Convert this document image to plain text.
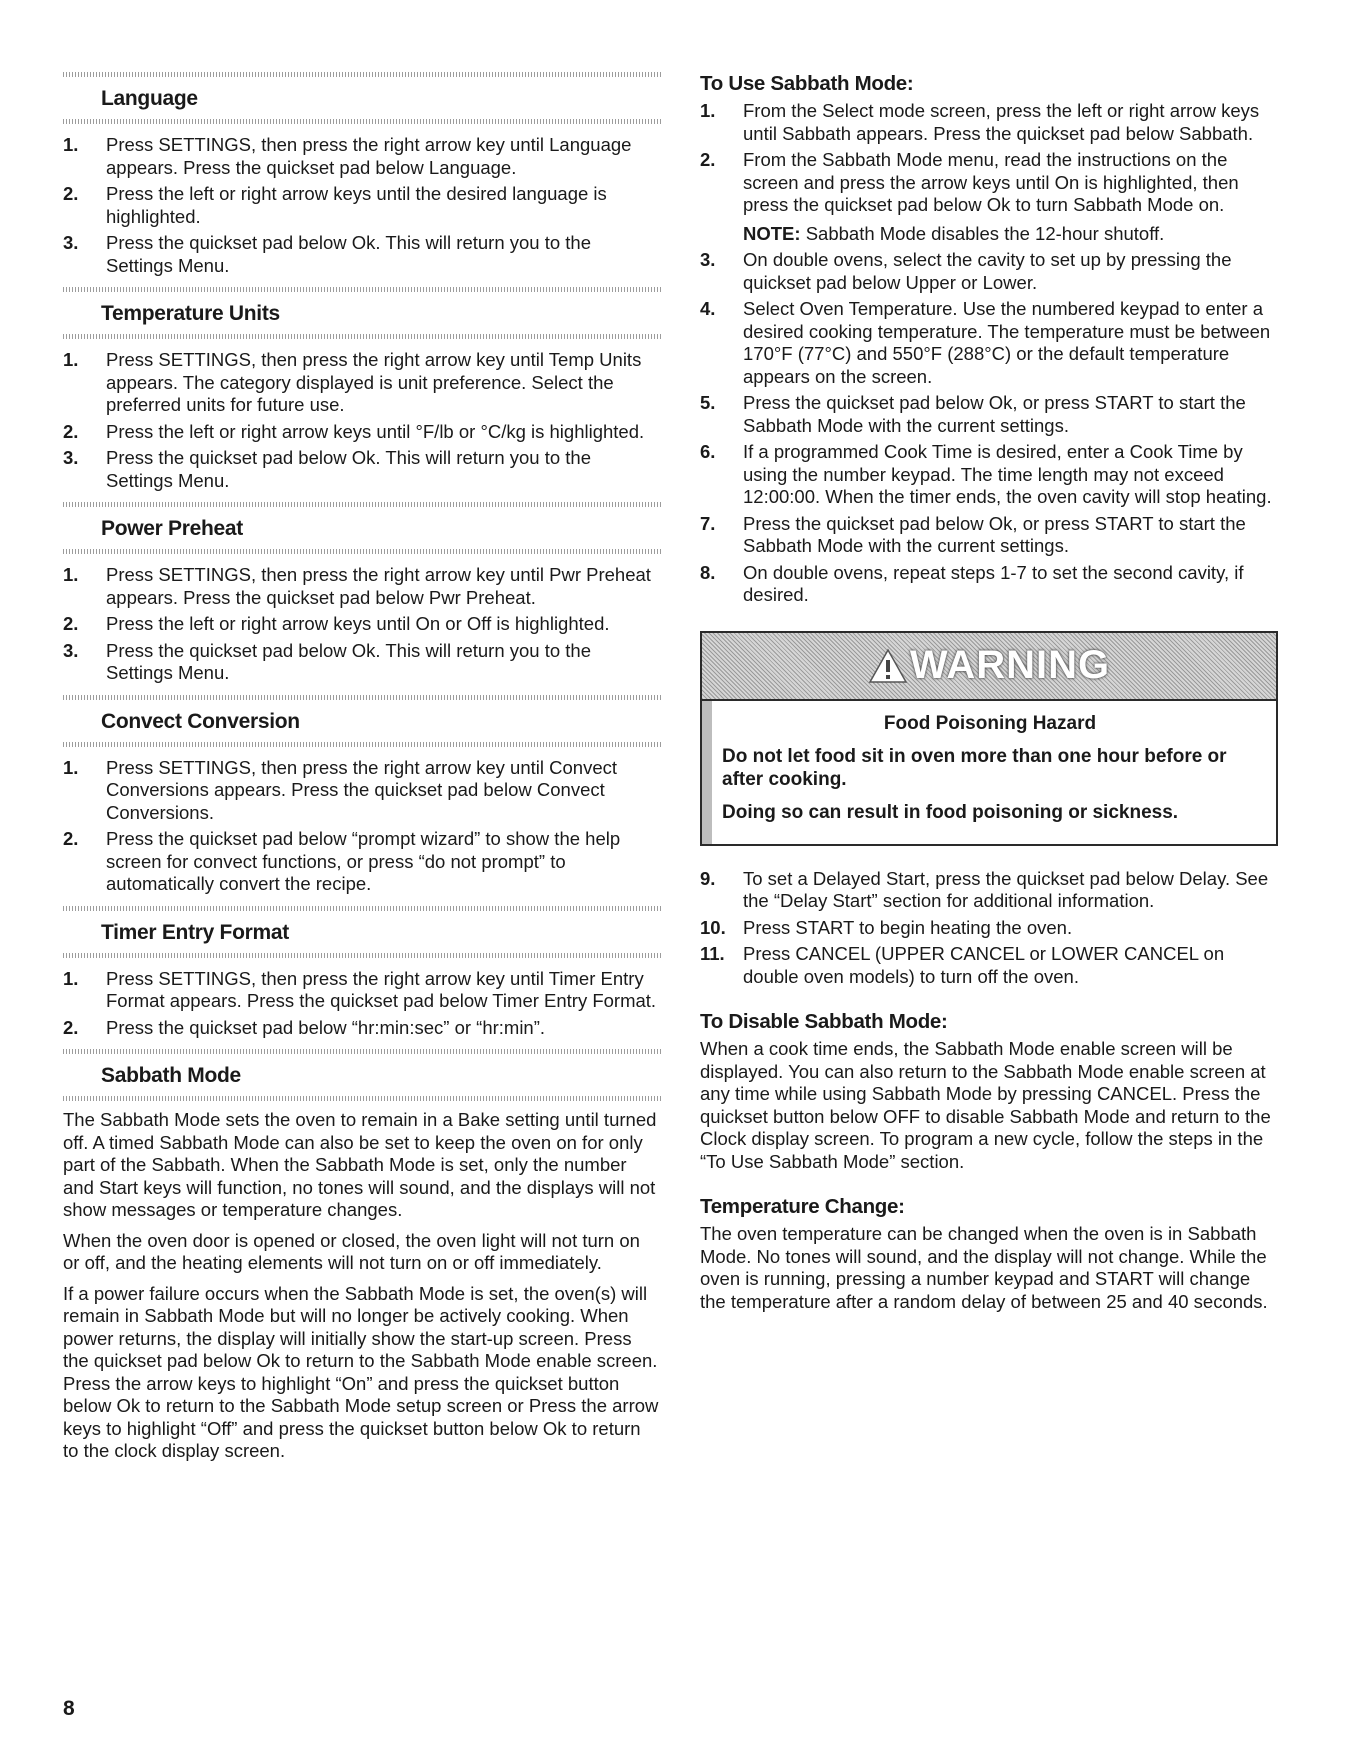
Language
1.	Press SETTINGS, then press the right arrow key until Language appears. Press the quickset pad below Language.
2.	Press the left or right arrow keys until the desired language is highlighted.
3.	Press the quickset pad below Ok. This will return you to the Settings Menu.
Temperature Units
1.	Press SETTINGS, then press the right arrow key until Temp Units appears. The category displayed is unit preference. Select the preferred units for future use.
2.	Press the left or right arrow keys until °F/lb or °C/kg is highlighted.
3.	Press the quickset pad below Ok. This will return you to the Settings Menu.
Power Preheat
1.	Press SETTINGS, then press the right arrow key until Pwr Preheat appears. Press the quickset pad below Pwr Preheat.
2.	Press the left or right arrow keys until On or Off is highlighted.
3.	Press the quickset pad below Ok. This will return you to the Settings Menu.
Convect Conversion
1.	Press SETTINGS, then press the right arrow key until Convect Conversions appears. Press the quickset pad below Convect Conversions.
2.	Press the quickset pad below “prompt wizard” to show the help screen for convect functions, or press “do not prompt” to automatically convert the recipe.
Timer Entry Format
1.	Press SETTINGS, then press the right arrow key until Timer Entry Format appears. Press the quickset pad below Timer Entry Format.
2.	Press the quickset pad below “hr:min:sec” or “hr:min”.
Sabbath Mode

The Sabbath Mode sets the oven to remain in a Bake setting until turned off. A timed Sabbath Mode can also be set to keep the oven on for only part of the Sabbath. When the Sabbath Mode is set, only the number and Start keys will function, no tones will sound, and the displays will not show messages or temperature changes.

When the oven door is opened or closed, the oven light will not turn on or off, and the heating elements will not turn on or off immediately.

If a power failure occurs when the Sabbath Mode is set, the oven(s) will remain in Sabbath Mode but will no longer be actively cooking. When power returns, the display will initially show the start-up screen. Press the quickset pad below Ok to return to the Sabbath Mode enable screen. Press the arrow keys to highlight “On” and press the quickset button below Ok to return to the Sabbath Mode setup screen or Press the arrow keys to highlight “Off” and press the quickset button below Ok to return to the clock display screen.

To Use Sabbath Mode:
1.	From the Select mode screen, press the left or right arrow keys until Sabbath appears. Press the quickset pad below Sabbath.
2.	From the Sabbath Mode menu, read the instructions on the screen and press the arrow keys until On is highlighted, then press the quickset pad below Ok to turn Sabbath Mode on.
NOTE: Sabbath Mode disables the 12-hour shutoff.
3.	On double ovens, select the cavity to set up by pressing the quickset pad below Upper or Lower.
4.	Select Oven Temperature. Use the numbered keypad to enter a desired cooking temperature. The temperature must be between 170°F (77°C) and 550°F (288°C) or the default temperature appears on the screen.
5.	Press the quickset pad below Ok, or press START to start the Sabbath Mode with the current settings.
6.	If a programmed Cook Time is desired, enter a Cook Time by using the number keypad. The time length may not exceed 12:00:00. When the timer ends, the oven cavity will stop heating.
7.	Press the quickset pad below Ok, or press START to start the Sabbath Mode with the current settings.
8.	On double ovens, repeat steps 1-7 to set the second cavity, if desired.
WARNING
Food Poisoning Hazard

Do not let food sit in oven more than one hour before or after cooking.

Doing so can result in food poisoning or sickness.

9.	To set a Delayed Start, press the quickset pad below Delay. See the “Delay Start” section for additional information.
10. Press START to begin heating the oven.
11. Press CANCEL (UPPER CANCEL or LOWER CANCEL on double oven models) to turn off the oven.
To Disable Sabbath Mode:

When a cook time ends, the Sabbath Mode enable screen will be displayed. You can also return to the Sabbath Mode enable screen at any time while using Sabbath Mode by pressing CANCEL. Press the quickset button below OFF to disable Sabbath Mode and return to the Clock display screen. To program a new cycle, follow the steps in the “To Use Sabbath Mode” section.

Temperature Change:

The oven temperature can be changed when the oven is in Sabbath Mode. No tones will sound, and the display will not change. While the oven is running, pressing a number keypad and START will change the temperature after a random delay of between 25 and 40 seconds.

8
